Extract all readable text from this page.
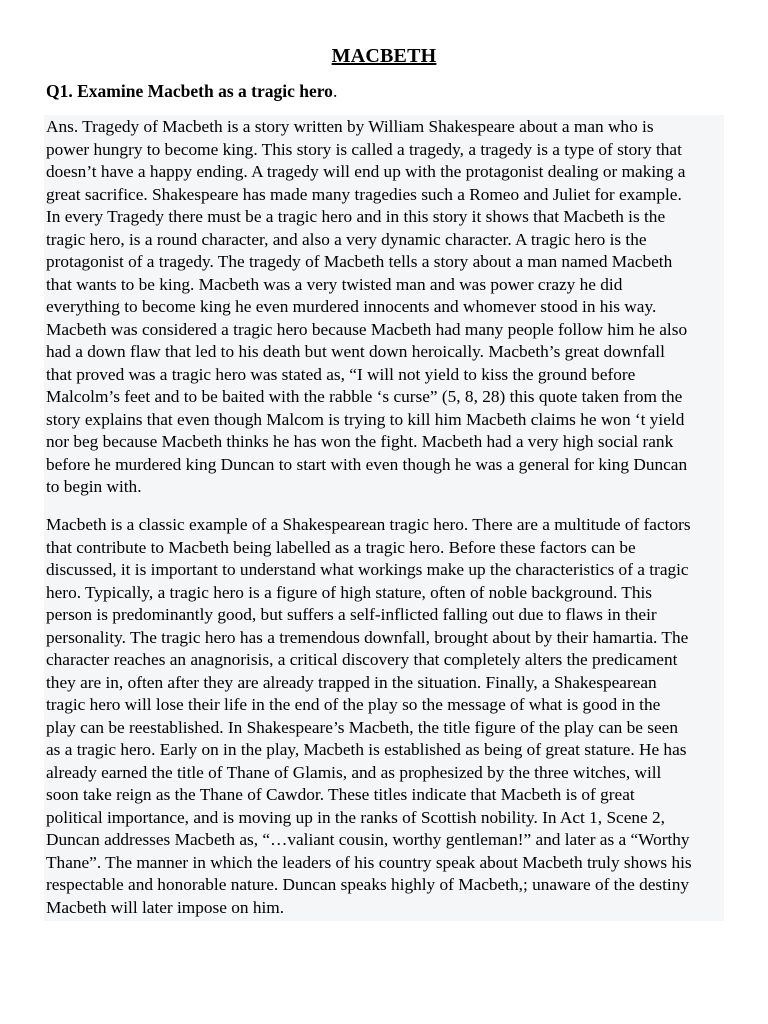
MACBETH
Q1. Examine Macbeth as a tragic hero.
Ans. Tragedy of Macbeth is a story written by William Shakespeare about a man who is
power hungry to become king. This story is called a tragedy, a tragedy is a type of story that
doesn’t have a happy ending. A tragedy will end up with the protagonist dealing or making a
great sacrifice. Shakespeare has made many tragedies such a Romeo and Juliet for example.
In every Tragedy there must be a tragic hero and in this story it shows that Macbeth is the
tragic hero, is a round character, and also a very dynamic character. A tragic hero is the
protagonist of a tragedy. The tragedy of Macbeth tells a story about a man named Macbeth
that wants to be king. Macbeth was a very twisted man and was power crazy he did
everything to become king he even murdered innocents and whomever stood in his way.
Macbeth was considered a tragic hero because Macbeth had many people follow him he also
had a down flaw that led to his death but went down heroically. Macbeth’s great downfall
that proved was a tragic hero was stated as, “I will not yield to kiss the ground before
Malcolm’s feet and to be baited with the rabble ‘s curse” (5, 8, 28) this quote taken from the
story explains that even though Malcom is trying to kill him Macbeth claims he won ‘t yield
nor beg because Macbeth thinks he has won the fight. Macbeth had a very high social rank
before he murdered king Duncan to start with even though he was a general for king Duncan
to begin with.
Macbeth is a classic example of a Shakespearean tragic hero. There are a multitude of factors
that contribute to Macbeth being labelled as a tragic hero. Before these factors can be
discussed, it is important to understand what workings make up the characteristics of a tragic
hero. Typically, a tragic hero is a figure of high stature, often of noble background. This
person is predominantly good, but suffers a self-inflicted falling out due to flaws in their
personality. The tragic hero has a tremendous downfall, brought about by their hamartia. The
character reaches an anagnorisis, a critical discovery that completely alters the predicament
they are in, often after they are already trapped in the situation. Finally, a Shakespearean
tragic hero will lose their life in the end of the play so the message of what is good in the
play can be reestablished. In Shakespeare’s Macbeth, the title figure of the play can be seen
as a tragic hero. Early on in the play, Macbeth is established as being of great stature. He has
already earned the title of Thane of Glamis, and as prophesized by the three witches, will
soon take reign as the Thane of Cawdor. These titles indicate that Macbeth is of great
political importance, and is moving up in the ranks of Scottish nobility. In Act 1, Scene 2,
Duncan addresses Macbeth as, “…valiant cousin, worthy gentleman!” and later as a “Worthy
Thane”. The manner in which the leaders of his country speak about Macbeth truly shows his
respectable and honorable nature. Duncan speaks highly of Macbeth,; unaware of the destiny
Macbeth will later impose on him.
